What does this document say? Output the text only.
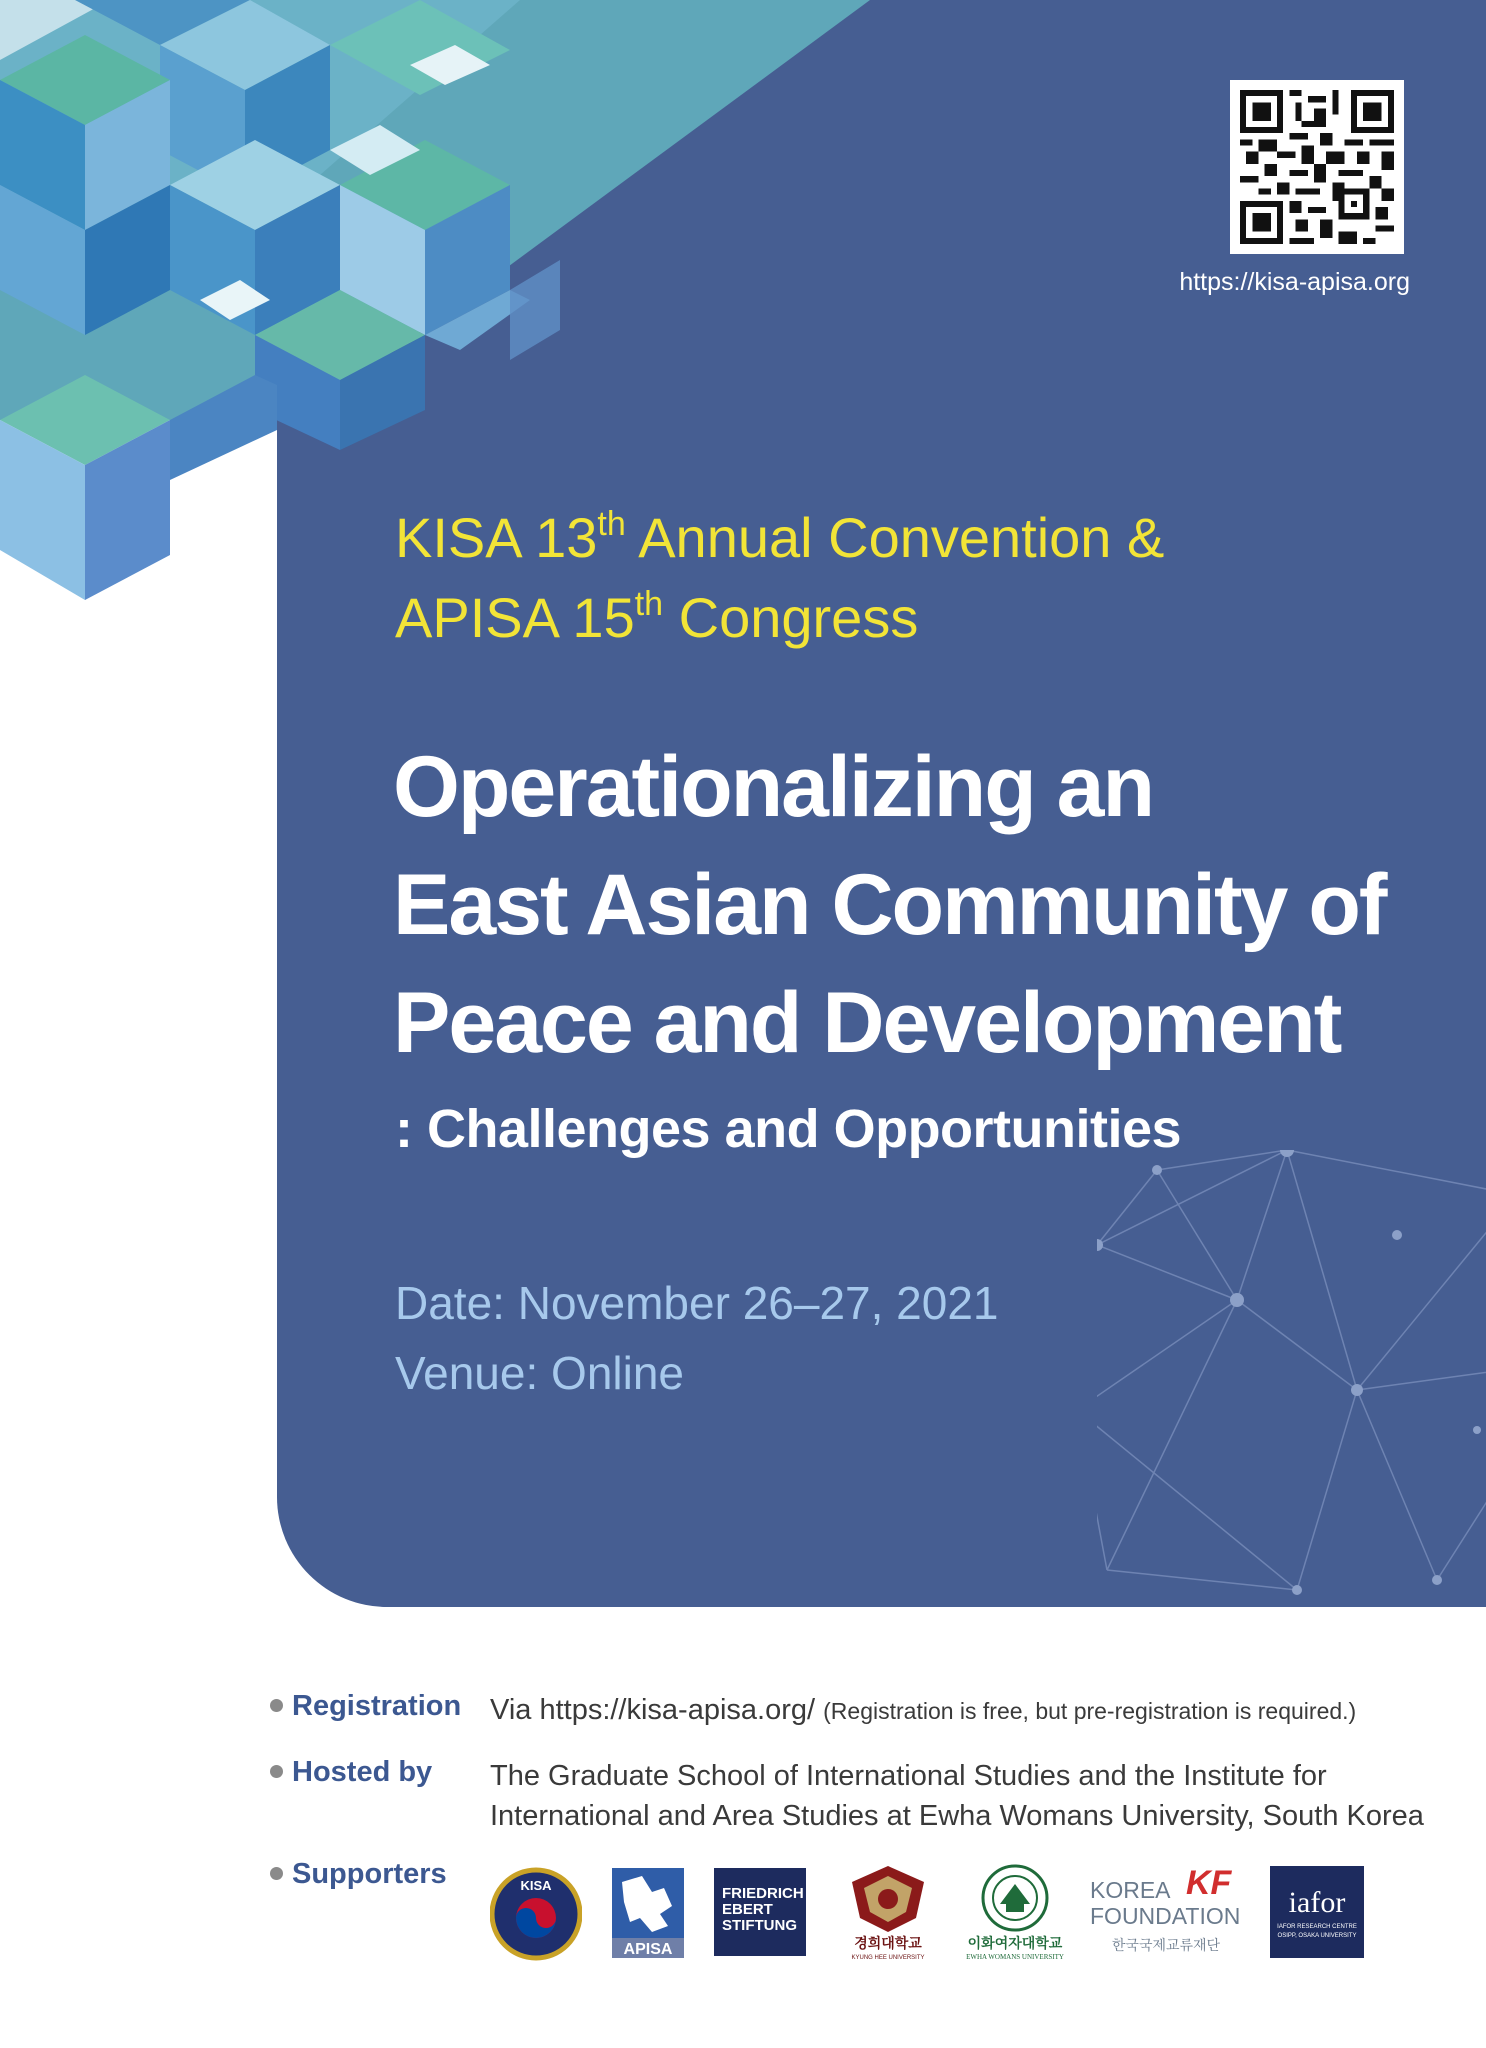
https://kisa-apisa.org
KISA 13th Annual Convention &
APISA 15th Congress
Operationalizing an
East Asian Community of
Peace and Development
: Challenges and Opportunities
Date: November 26–27, 2021
Venue: Online
Registration Via https://kisa-apisa.org/ (Registration is free, but pre-registration is required.)
Hosted by The Graduate School of International Studies and the Institute for
International and Area Studies at Ewha Womans University, South Korea
Supporters	KISA
APISA
FRIEDRICH
EBERT
STIFTUNG
경희대학교
KYUNG HEE UNIVERSITY
이화여자대학교
EWHA WOMANS UNIVERSITY
KOREA KF
FOUNDATION
한국국제교류재단
iafor
IAFOR RESEARCH CENTRE
OSIPP, OSAKA UNIVERSITY
